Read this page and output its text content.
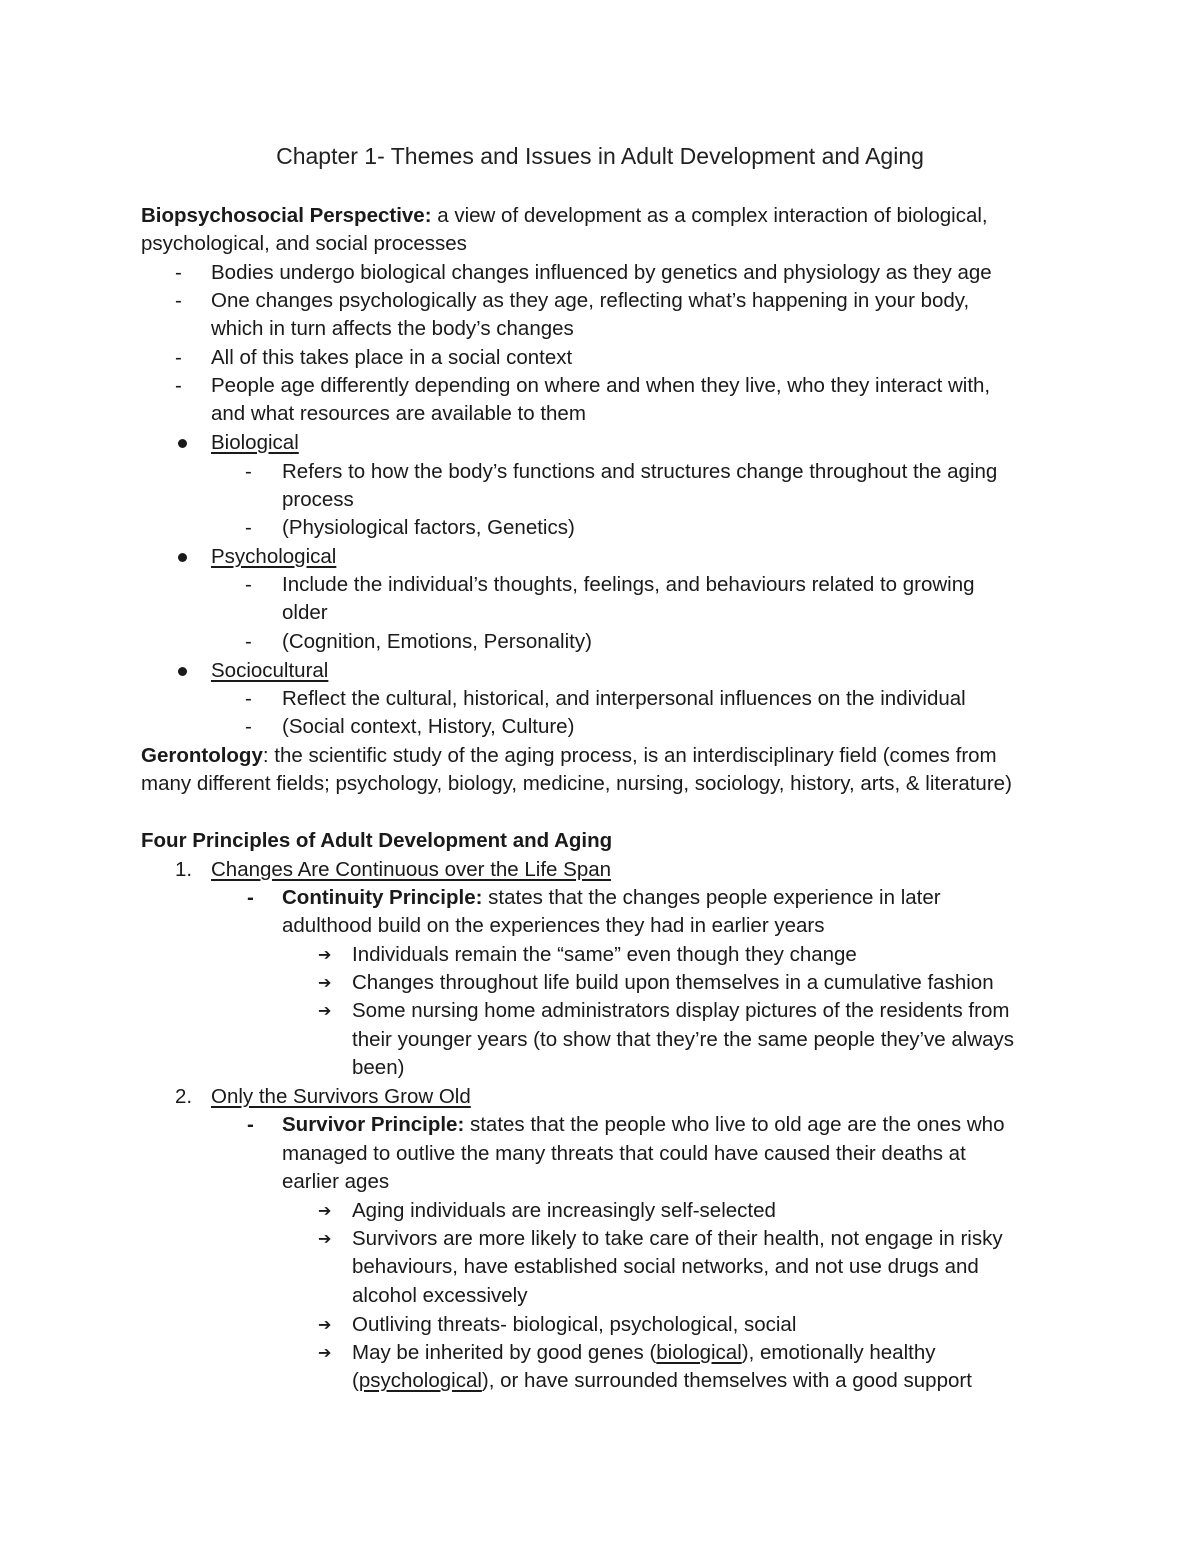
Chapter 1- Themes and Issues in Adult Development and Aging
Biopsychosocial Perspective: a view of development as a complex interaction of biological,
psychological, and social processes
- Bodies undergo biological changes influenced by genetics and physiology as they age
- One changes psychologically as they age, reflecting what’s happening in your body,
which in turn affects the body’s changes
- All of this takes place in a social context
- People age differently depending on where and when they live, who they interact with,
and what resources are available to them
Biological
- Refers to how the body’s functions and structures change throughout the aging
process
- (Physiological factors, Genetics)
Psychological
- Include the individual’s thoughts, feelings, and behaviours related to growing
older
- (Cognition, Emotions, Personality)
Sociocultural
- Reflect the cultural, historical, and interpersonal influences on the individual
- (Social context, History, Culture)
Gerontology: the scientific study of the aging process, is an interdisciplinary field (comes from
many different fields; psychology, biology, medicine, nursing, sociology, history, arts, & literature)
Four Principles of Adult Development and Aging
1. Changes Are Continuous over the Life Span
- Continuity Principle: states that the changes people experience in later
adulthood build on the experiences they had in earlier years
➔ Individuals remain the “same” even though they change
➔ Changes throughout life build upon themselves in a cumulative fashion
➔ Some nursing home administrators display pictures of the residents from
their younger years (to show that they’re the same people they’ve always
been)
2. Only the Survivors Grow Old
- Survivor Principle: states that the people who live to old age are the ones who
managed to outlive the many threats that could have caused their deaths at
earlier ages
➔ Aging individuals are increasingly self-selected
➔ Survivors are more likely to take care of their health, not engage in risky
behaviours, have established social networks, and not use drugs and
alcohol excessively
➔ Outliving threats- biological, psychological, social
➔ May be inherited by good genes (biological), emotionally healthy
(psychological), or have surrounded themselves with a good support
